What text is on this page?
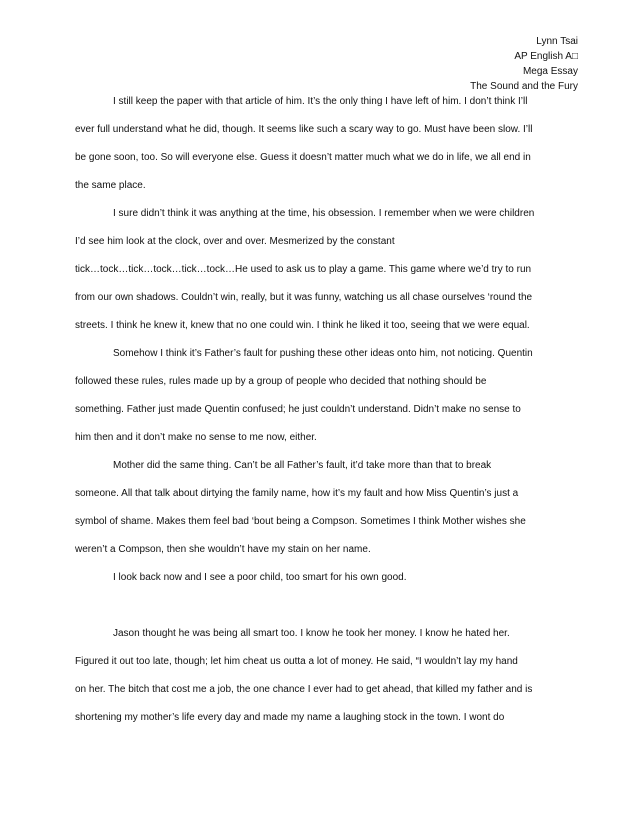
Lynn Tsai
AP English A□
Mega Essay
The Sound and the Fury
I still keep the paper with that article of him. It’s the only thing I have left of him. I don’t think I’ll
ever full understand what he did, though. It seems like such a scary way to go. Must have been slow. I’ll
be gone soon, too. So will everyone else. Guess it doesn’t matter much what we do in life, we all end in
the same place.
I sure didn’t think it was anything at the time, his obsession. I remember when we were children
I’d see him look at the clock, over and over. Mesmerized by the constant
tick…tock…tick…tock…tick…tock…He used to ask us to play a game. This game where we’d try to run
from our own shadows. Couldn’t win, really, but it was funny, watching us all chase ourselves ‘round the
streets. I think he knew it, knew that no one could win. I think he liked it too, seeing that we were equal.
Somehow I think it’s Father’s fault for pushing these other ideas onto him, not noticing. Quentin
followed these rules, rules made up by a group of people who decided that nothing should be
something. Father just made Quentin confused; he just couldn’t understand. Didn’t make no sense to
him then and it don’t make no sense to me now, either.
Mother did the same thing. Can’t be all Father’s fault, it’d take more than that to break
someone. All that talk about dirtying the family name, how it’s my fault and how Miss Quentin’s just a
symbol of shame. Makes them feel bad ‘bout being a Compson. Sometimes I think Mother wishes she
weren’t a Compson, then she wouldn’t have my stain on her name.
I look back now and I see a poor child, too smart for his own good.
Jason thought he was being all smart too. I know he took her money. I know he hated her.
Figured it out too late, though; let him cheat us outta a lot of money. He said, “I wouldn’t lay my hand
on her. The bitch that cost me a job, the one chance I ever had to get ahead, that killed my father and is
shortening my mother’s life every day and made my name a laughing stock in the town. I wont do
